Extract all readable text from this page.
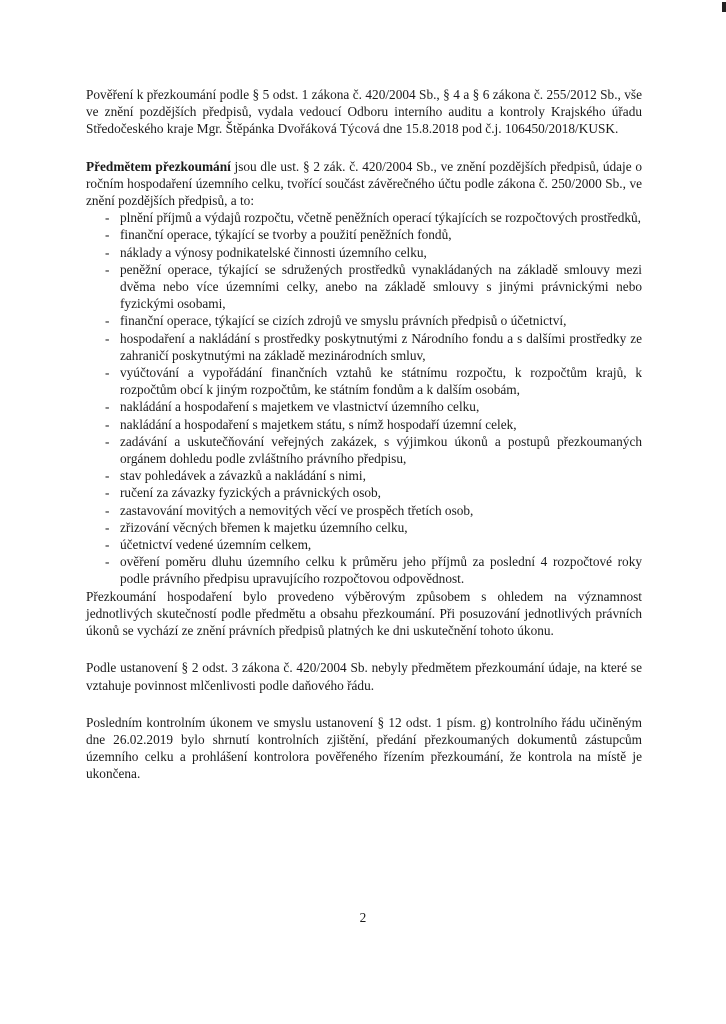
Pověření k přezkoumání podle § 5 odst. 1 zákona č. 420/2004 Sb., § 4 a § 6 zákona č. 255/2012 Sb., vše ve znění pozdějších předpisů, vydala vedoucí Odboru interního auditu a kontroly Krajského úřadu Středočeského kraje Mgr. Štěpánka Dvořáková Týcová dne 15.8.2018 pod č.j. 106450/2018/KUSK.

Předmětem přezkoumání jsou dle ust. § 2 zák. č. 420/2004 Sb., ve znění pozdějších předpisů, údaje o ročním hospodaření územního celku, tvořící součást závěrečného účtu podle zákona č. 250/2000 Sb., ve znění pozdějších předpisů, a to:

- plnění příjmů a výdajů rozpočtu, včetně peněžních operací týkajících se rozpočtových prostředků,
- finanční operace, týkající se tvorby a použití peněžních fondů,
- náklady a výnosy podnikatelské činnosti územního celku,
- peněžní operace, týkající se sdružených prostředků vynakládaných na základě smlouvy mezi dvěma nebo více územními celky, anebo na základě smlouvy s jinými právnickými nebo fyzickými osobami,
- finanční operace, týkající se cizích zdrojů ve smyslu právních předpisů o účetnictví,
- hospodaření a nakládání s prostředky poskytnutými z Národního fondu a s dalšími prostředky ze zahraničí poskytnutými na základě mezinárodních smluv,
- vyúčtování a vypořádání finančních vztahů ke státnímu rozpočtu, k rozpočtům krajů, k rozpočtům obcí k jiným rozpočtům, ke státním fondům a k dalším osobám,
- nakládání a hospodaření s majetkem ve vlastnictví územního celku,
- nakládání a hospodaření s majetkem státu, s nímž hospodaří územní celek,
- zadávání a uskutečňování veřejných zakázek, s výjimkou úkonů a postupů přezkoumaných orgánem dohledu podle zvláštního právního předpisu,
- stav pohledávek a závazků a nakládání s nimi,
- ručení za závazky fyzických a právnických osob,
- zastavování movitých a nemovitých věcí ve prospěch třetích osob,
- zřizování věcných břemen k majetku územního celku,
- účetnictví vedené územním celkem,
- ověření poměru dluhu územního celku k průměru jeho příjmů za poslední 4 rozpočtové roky podle právního předpisu upravujícího rozpočtovou odpovědnost.

Přezkoumání hospodaření bylo provedeno výběrovým způsobem s ohledem na významnost jednotlivých skutečností podle předmětu a obsahu přezkoumání. Při posuzování jednotlivých právních úkonů se vychází ze znění právních předpisů platných ke dni uskutečnění tohoto úkonu.

Podle ustanovení § 2 odst. 3 zákona č. 420/2004 Sb. nebyly předmětem přezkoumání údaje, na které se vztahuje povinnost mlčenlivosti podle daňového řádu.

Posledním kontrolním úkonem ve smyslu ustanovení § 12 odst. 1 písm. g) kontrolního řádu učiněným dne 26.02.2019 bylo shrnutí kontrolních zjištění, předání přezkoumaných dokumentů zástupcům územního celku a prohlášení kontrolora pověřeného řízením přezkoumání, že kontrola na místě je ukončena.

2
